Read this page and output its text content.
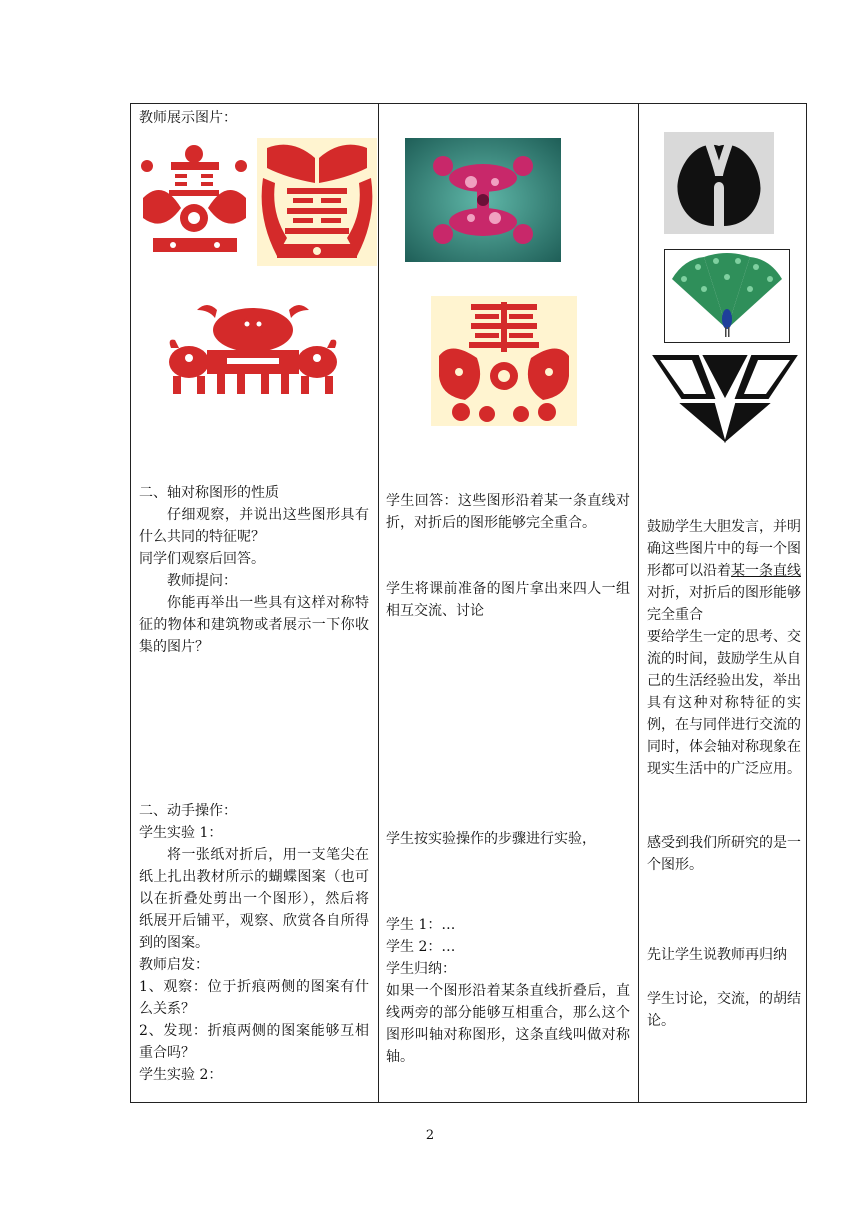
教师展示图片：
二、轴对称图形的性质
仔细观察，并说出这些图形具有什么共同的特征呢？
同学们观察后回答。
教师提问：
你能再举出一些具有这样对称特征的物体和建筑物或者展示一下你收集的图片？
二、动手操作：
学生实验 1：
将一张纸对折后，用一支笔尖在纸上扎出教材所示的蝴蝶图案（也可以在折叠处剪出一个图形），然后将纸展开后铺平，观察、欣赏各自所得到的图案。
教师启发：
1、观察：位于折痕两侧的图案有什么关系？
2、发现：折痕两侧的图案能够互相重合吗？
学生实验 2：
学生回答：这些图形沿着某一条直线对折，对折后的图形能够完全重合。
学生将课前准备的图片拿出来四人一组相互交流、讨论
学生按实验操作的步骤进行实验，
学生 1：…
学生 2：…
学生归纳：
如果一个图形沿着某条直线折叠后，直线两旁的部分能够互相重合，那么这个图形叫轴对称图形，这条直线叫做对称轴。
鼓励学生大胆发言，并明确这些图片中的每一个图形都可以沿着某一条直线对折，对折后的图形能够完全重合
要给学生一定的思考、交流的时间，鼓励学生从自己的生活经验出发，举出具有这种对称特征的实例，在与同伴进行交流的同时，体会轴对称现象在现实生活中的广泛应用。
感受到我们所研究的是一个图形。
先让学生说教师再归纳
学生讨论，交流，的胡结论。
2
